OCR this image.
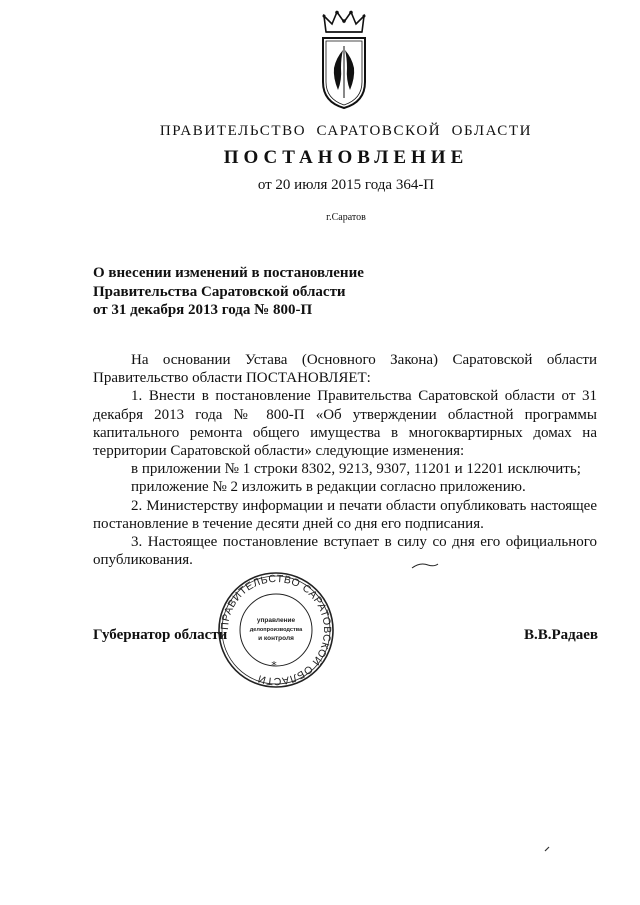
ПРАВИТЕЛЬСТВО САРАТОВСКОЙ ОБЛАСТИ
ПОСТАНОВЛЕНИЕ
от 20 июля 2015 года 364-П
г.Саратов
О внесении изменений в постановление
Правительства Саратовской области
от 31 декабря 2013 года № 800-П

На основании Устава (Основного Закона) Саратовской области Правительство области ПОСТАНОВЛЯЕТ:

1. Внести в постановление Правительства Саратовской области от 31 декабря 2013 года № 800-П «Об утверждении областной программы капитального ремонта общего имущества в многоквартирных домах на территории Саратовской области» следующие изменения:

в приложении № 1 строки 8302, 9213, 9307, 11201 и 12201 исключить;

приложение № 2 изложить в редакции согласно приложению.

2. Министерству информации и печати области опубликовать настоящее постановление в течение десяти дней со дня его подписания.

3. Настоящее постановление вступает в силу со дня его официального опубликования.

ПРАВИТЕЛЬСТВО САРАТОВСКОЙ ОБЛАСТИ
управление
делопроизводства
и контроля
*
Губернатор области	В.В.Радаев
